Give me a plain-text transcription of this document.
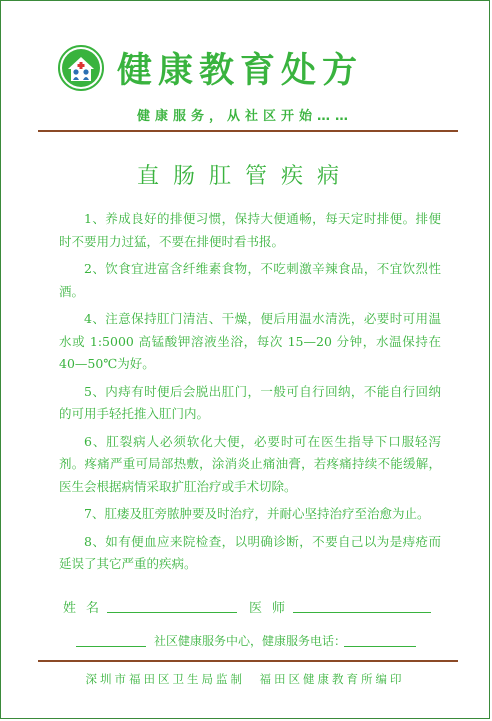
健康教育处方
健康服务，从社区开始……
直肠肛管疾病

1、养成良好的排便习惯，保持大便通畅，每天定时排便。排便时不要用力过猛，不要在排便时看书报。

2、饮食宜进富含纤维素食物，不吃刺激辛辣食品，不宜饮烈性酒。

4、注意保持肛门清洁、干燥，便后用温水清洗，必要时可用温水或 1:5000 高锰酸钾溶液坐浴，每次 15—20 分钟，水温保持在 40—50℃为好。

5、内痔有时便后会脱出肛门，一般可自行回纳，不能自行回纳的可用手轻托推入肛门内。

6、肛裂病人必须软化大便，必要时可在医生指导下口服轻泻剂。疼痛严重可局部热敷，涂消炎止痛油膏，若疼痛持续不能缓解，医生会根据病情采取扩肛治疗或手术切除。

7、肛瘘及肛旁脓肿要及时治疗，并耐心坚持治疗至治愈为止。

8、如有便血应来院检查，以明确诊断，不要自己以为是痔疮而延误了其它严重的疾病。

姓名	医师
社区健康服务中心，健康服务电话：
深圳市福田区卫生局监制　福田区健康教育所编印
